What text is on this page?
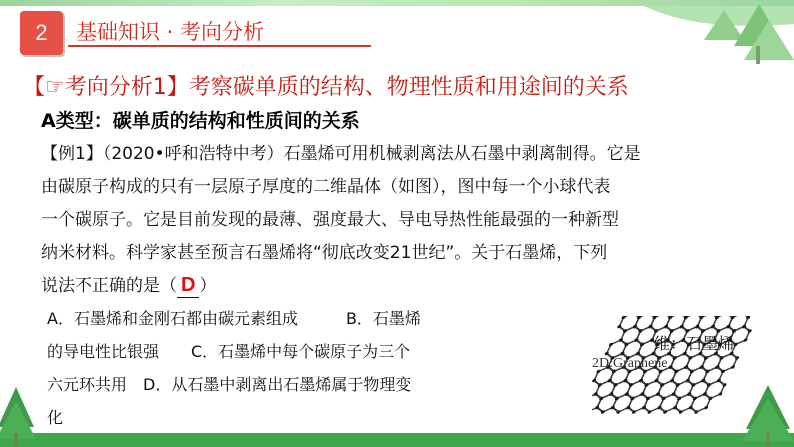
2	基础知识 · 考向分析
【☞考向分析1】考察碳单质的结构、物理性质和用途间的关系
A类型：碳单质的结构和性质间的关系
【例1】（2020•呼和浩特中考）石墨烯可用机械剥离法从石墨中剥离制得。它是
由碳原子构成的只有一层原子厚度的二维晶体（如图），图中每一个小球代表
一个碳原子。它是目前发现的最薄、强度最大、导电导热性能最强的一种新型
纳米材料。科学家甚至预言石墨烯将“彻底改变21世纪”。关于石墨烯，下列
说法不正确的是（ D ）
A．石墨烯和金刚石都由碳元素组成　　　B．石墨烯
的导电性比银强　　C．石墨烯中每个碳原子为三个
六元环共用　D．从石墨中剥离出石墨烯属于物理变
化
维：石墨烯
2D:Graphene
